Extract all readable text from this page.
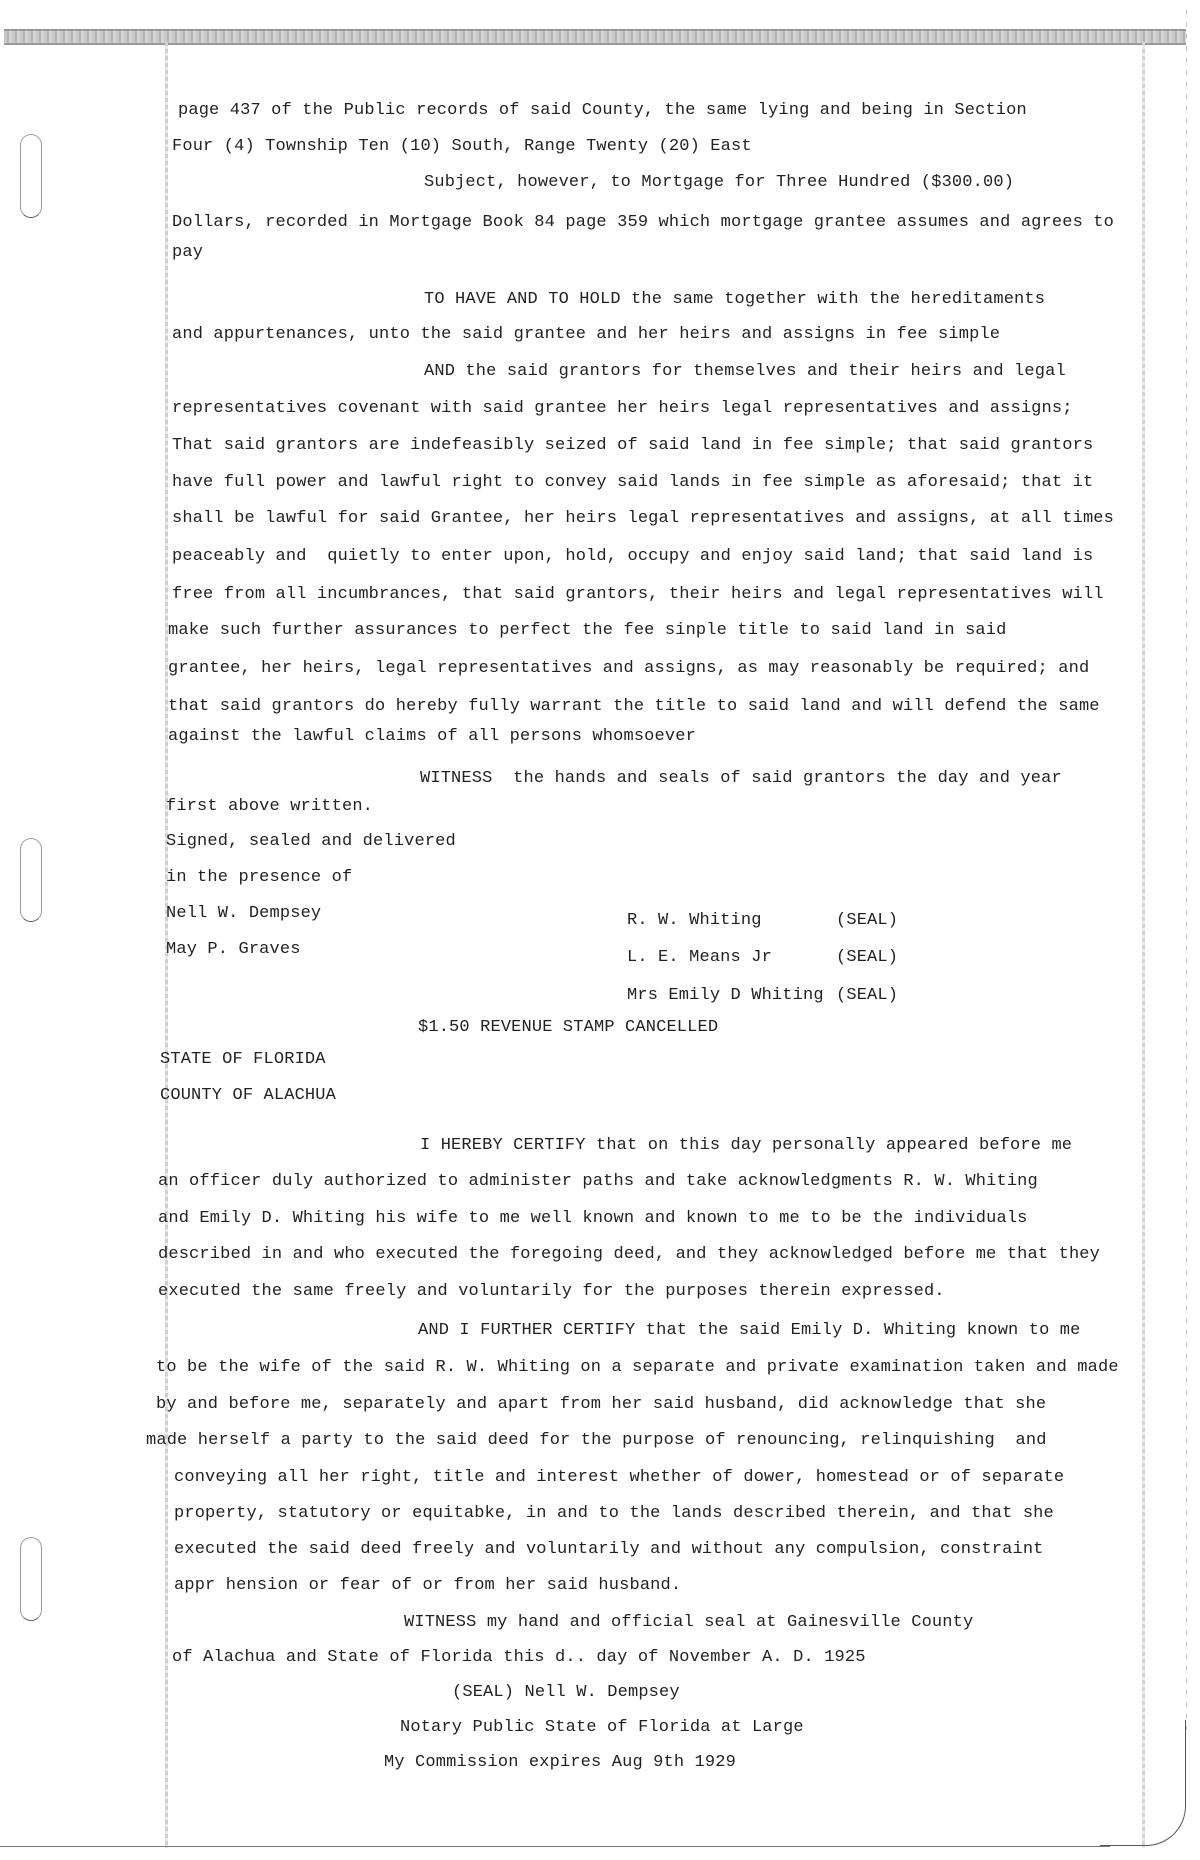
page 437 of the Public records of said County, the same lying and being in Section
Four (4) Township Ten (10) South, Range Twenty (20) East
Subject, however, to Mortgage for Three Hundred ($300.00)
Dollars, recorded in Mortgage Book 84 page 359 which mortgage grantee assumes and agrees to
pay
TO HAVE AND TO HOLD the same together with the hereditaments
and appurtenances, unto the said grantee and her heirs and assigns in fee simple
AND the said grantors for themselves and their heirs and legal
representatives covenant with said grantee her heirs legal representatives and assigns;
That said grantors are indefeasibly seized of said land in fee simple; that said grantors
have full power and lawful right to convey said lands in fee simple as aforesaid; that it
shall be lawful for said Grantee, her heirs legal representatives and assigns, at all times
peaceably and  quietly to enter upon, hold, occupy and enjoy said land; that said land is
free from all incumbrances, that said grantors, their heirs and legal representatives will
make such further assurances to perfect the fee sinple title to said land in said
grantee, her heirs, legal representatives and assigns, as may reasonably be required; and
that said grantors do hereby fully warrant the title to said land and will defend the same
against the lawful claims of all persons whomsoever
WITNESS  the hands and seals of said grantors the day and year
first above written.
Signed, sealed and delivered
in the presence of
Nell W. Dempsey
May P. Graves
R. W. Whiting	(SEAL)
L. E. Means Jr	(SEAL)
Mrs Emily D Whiting (SEAL)
$1.50 REVENUE STAMP CANCELLED
STATE OF FLORIDA
COUNTY OF ALACHUA
I HEREBY CERTIFY that on this day personally appeared before me
an officer duly authorized to administer paths and take acknowledgments R. W. Whiting
and Emily D. Whiting his wife to me well known and known to me to be the individuals
described in and who executed the foregoing deed, and they acknowledged before me that they
executed the same freely and voluntarily for the purposes therein expressed.
AND I FURTHER CERTIFY that the said Emily D. Whiting known to me
to be the wife of the said R. W. Whiting on a separate and private examination taken and made
by and before me, separately and apart from her said husband, did acknowledge that she
made herself a party to the said deed for the purpose of renouncing, relinquishing  and
conveying all her right, title and interest whether of dower, homestead or of separate
property, statutory or equitabke, in and to the lands described therein, and that she
executed the said deed freely and voluntarily and without any compulsion, constraint
appr hension or fear of or from her said husband.
WITNESS my hand and official seal at Gainesville County
of Alachua and State of Florida this d.. day of November A. D. 1925
(SEAL) Nell W. Dempsey
Notary Public State of Florida at Large
My Commission expires Aug 9th 1929
